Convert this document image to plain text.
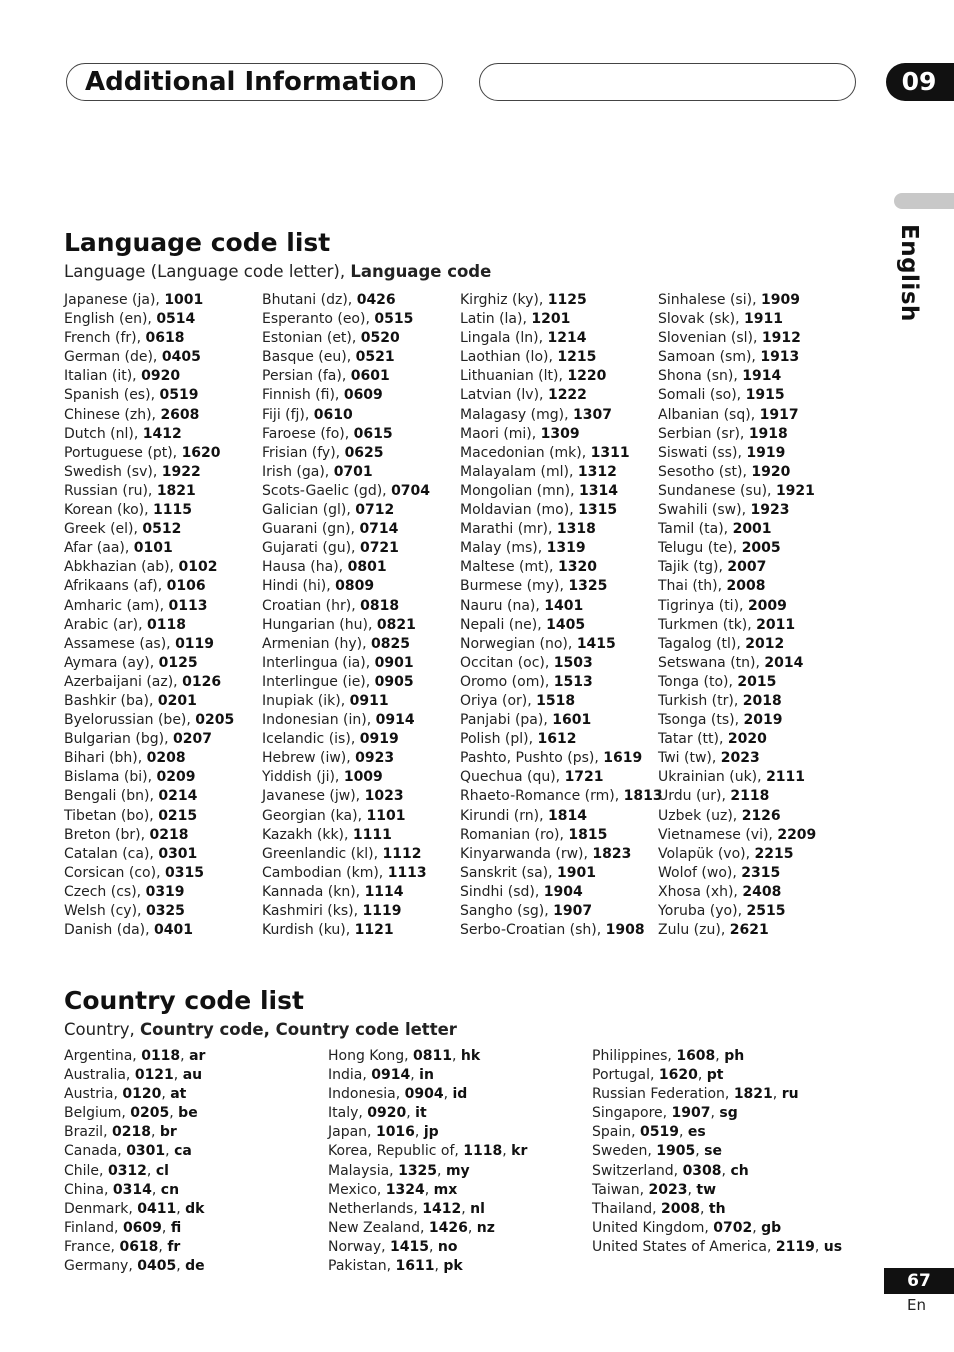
Additional Information	09
English
Language code list
Language (Language code letter), Language code
Japanese (ja), 1001
English (en), 0514
French (fr), 0618
German (de), 0405
Italian (it), 0920
Spanish (es), 0519
Chinese (zh), 2608
Dutch (nl), 1412
Portuguese (pt), 1620
Swedish (sv), 1922
Russian (ru), 1821
Korean (ko), 1115
Greek (el), 0512
Afar (aa), 0101
Abkhazian (ab), 0102
Afrikaans (af), 0106
Amharic (am), 0113
Arabic (ar), 0118
Assamese (as), 0119
Aymara (ay), 0125
Azerbaijani (az), 0126
Bashkir (ba), 0201
Byelorussian (be), 0205
Bulgarian (bg), 0207
Bihari (bh), 0208
Bislama (bi), 0209
Bengali (bn), 0214
Tibetan (bo), 0215
Breton (br), 0218
Catalan (ca), 0301
Corsican (co), 0315
Czech (cs), 0319
Welsh (cy), 0325
Danish (da), 0401
Bhutani (dz), 0426
Esperanto (eo), 0515
Estonian (et), 0520
Basque (eu), 0521
Persian (fa), 0601
Finnish (fi), 0609
Fiji (fj), 0610
Faroese (fo), 0615
Frisian (fy), 0625
Irish (ga), 0701
Scots-Gaelic (gd), 0704
Galician (gl), 0712
Guarani (gn), 0714
Gujarati (gu), 0721
Hausa (ha), 0801
Hindi (hi), 0809
Croatian (hr), 0818
Hungarian (hu), 0821
Armenian (hy), 0825
Interlingua (ia), 0901
Interlingue (ie), 0905
Inupiak (ik), 0911
Indonesian (in), 0914
Icelandic (is), 0919
Hebrew (iw), 0923
Yiddish (ji), 1009
Javanese (jw), 1023
Georgian (ka), 1101
Kazakh (kk), 1111
Greenlandic (kl), 1112
Cambodian (km), 1113
Kannada (kn), 1114
Kashmiri (ks), 1119
Kurdish (ku), 1121
Kirghiz (ky), 1125
Latin (la), 1201
Lingala (ln), 1214
Laothian (lo), 1215
Lithuanian (lt), 1220
Latvian (lv), 1222
Malagasy (mg), 1307
Maori (mi), 1309
Macedonian (mk), 1311
Malayalam (ml), 1312
Mongolian (mn), 1314
Moldavian (mo), 1315
Marathi (mr), 1318
Malay (ms), 1319
Maltese (mt), 1320
Burmese (my), 1325
Nauru (na), 1401
Nepali (ne), 1405
Norwegian (no), 1415
Occitan (oc), 1503
Oromo (om), 1513
Oriya (or), 1518
Panjabi (pa), 1601
Polish (pl), 1612
Pashto, Pushto (ps), 1619
Quechua (qu), 1721
Rhaeto-Romance (rm), 1813
Kirundi (rn), 1814
Romanian (ro), 1815
Kinyarwanda (rw), 1823
Sanskrit (sa), 1901
Sindhi (sd), 1904
Sangho (sg), 1907
Serbo-Croatian (sh), 1908
Sinhalese (si), 1909
Slovak (sk), 1911
Slovenian (sl), 1912
Samoan (sm), 1913
Shona (sn), 1914
Somali (so), 1915
Albanian (sq), 1917
Serbian (sr), 1918
Siswati (ss), 1919
Sesotho (st), 1920
Sundanese (su), 1921
Swahili (sw), 1923
Tamil (ta), 2001
Telugu (te), 2005
Tajik (tg), 2007
Thai (th), 2008
Tigrinya (ti), 2009
Turkmen (tk), 2011
Tagalog (tl), 2012
Setswana (tn), 2014
Tonga (to), 2015
Turkish (tr), 2018
Tsonga (ts), 2019
Tatar (tt), 2020
Twi (tw), 2023
Ukrainian (uk), 2111
Urdu (ur), 2118
Uzbek (uz), 2126
Vietnamese (vi), 2209
Volapük (vo), 2215
Wolof (wo), 2315
Xhosa (xh), 2408
Yoruba (yo), 2515
Zulu (zu), 2621
Country code list
Country, Country code, Country code letter
Argentina, 0118, ar
Australia, 0121, au
Austria, 0120, at
Belgium, 0205, be
Brazil, 0218, br
Canada, 0301, ca
Chile, 0312, cl
China, 0314, cn
Denmark, 0411, dk
Finland, 0609, fi
France, 0618, fr
Germany, 0405, de
Hong Kong, 0811, hk
India, 0914, in
Indonesia, 0904, id
Italy, 0920, it
Japan, 1016, jp
Korea, Republic of, 1118, kr
Malaysia, 1325, my
Mexico, 1324, mx
Netherlands, 1412, nl
New Zealand, 1426, nz
Norway, 1415, no
Pakistan, 1611, pk
Philippines, 1608, ph
Portugal, 1620, pt
Russian Federation, 1821, ru
Singapore, 1907, sg
Spain, 0519, es
Sweden, 1905, se
Switzerland, 0308, ch
Taiwan, 2023, tw
Thailand, 2008, th
United Kingdom, 0702, gb
United States of America, 2119, us
67
En
